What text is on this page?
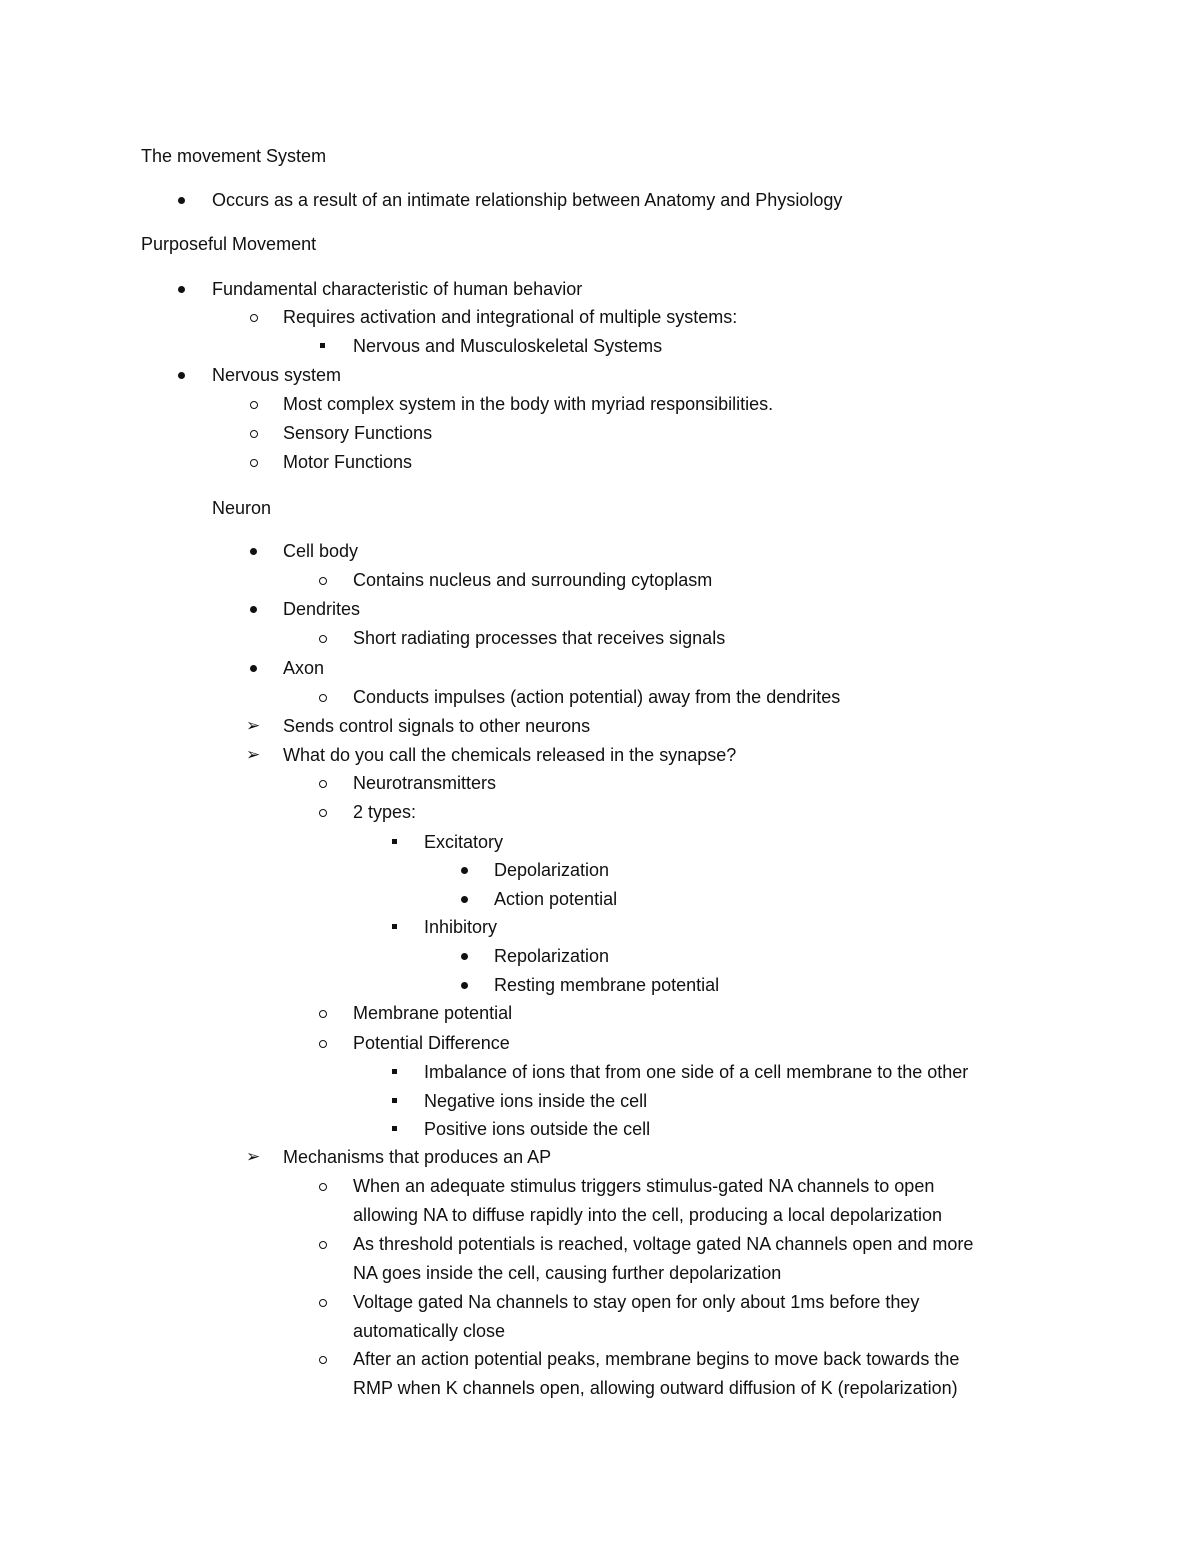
The movement System
Occurs as a result of an intimate relationship between Anatomy and Physiology
Purposeful Movement
Fundamental characteristic of human behavior
Requires activation and integrational of multiple systems:
Nervous and Musculoskeletal Systems
Nervous system
Most complex system in the body with myriad responsibilities.
Sensory Functions
Motor Functions
Neuron
Cell body
Contains nucleus and surrounding cytoplasm
Dendrites
Short radiating processes that receives signals
Axon
Conducts impulses (action potential) away from the dendrites
➢
Sends control signals to other neurons
➢
What do you call the chemicals released in the synapse?
Neurotransmitters
2 types:
Excitatory
Depolarization
Action potential
Inhibitory
Repolarization
Resting membrane potential
Membrane potential
Potential Difference
Imbalance of ions that from one side of a cell membrane to the other
Negative ions inside the cell
Positive ions outside the cell
➢
Mechanisms that produces an AP
When an adequate stimulus triggers stimulus-gated NA channels to open
allowing NA to diffuse rapidly into the cell, producing a local depolarization
As threshold potentials is reached, voltage gated NA channels open and more
NA goes inside the cell, causing further depolarization
Voltage gated Na channels to stay open for only about 1ms before they
automatically close
After an action potential peaks, membrane begins to move back towards the
RMP when K channels open, allowing outward diffusion of K (repolarization)
